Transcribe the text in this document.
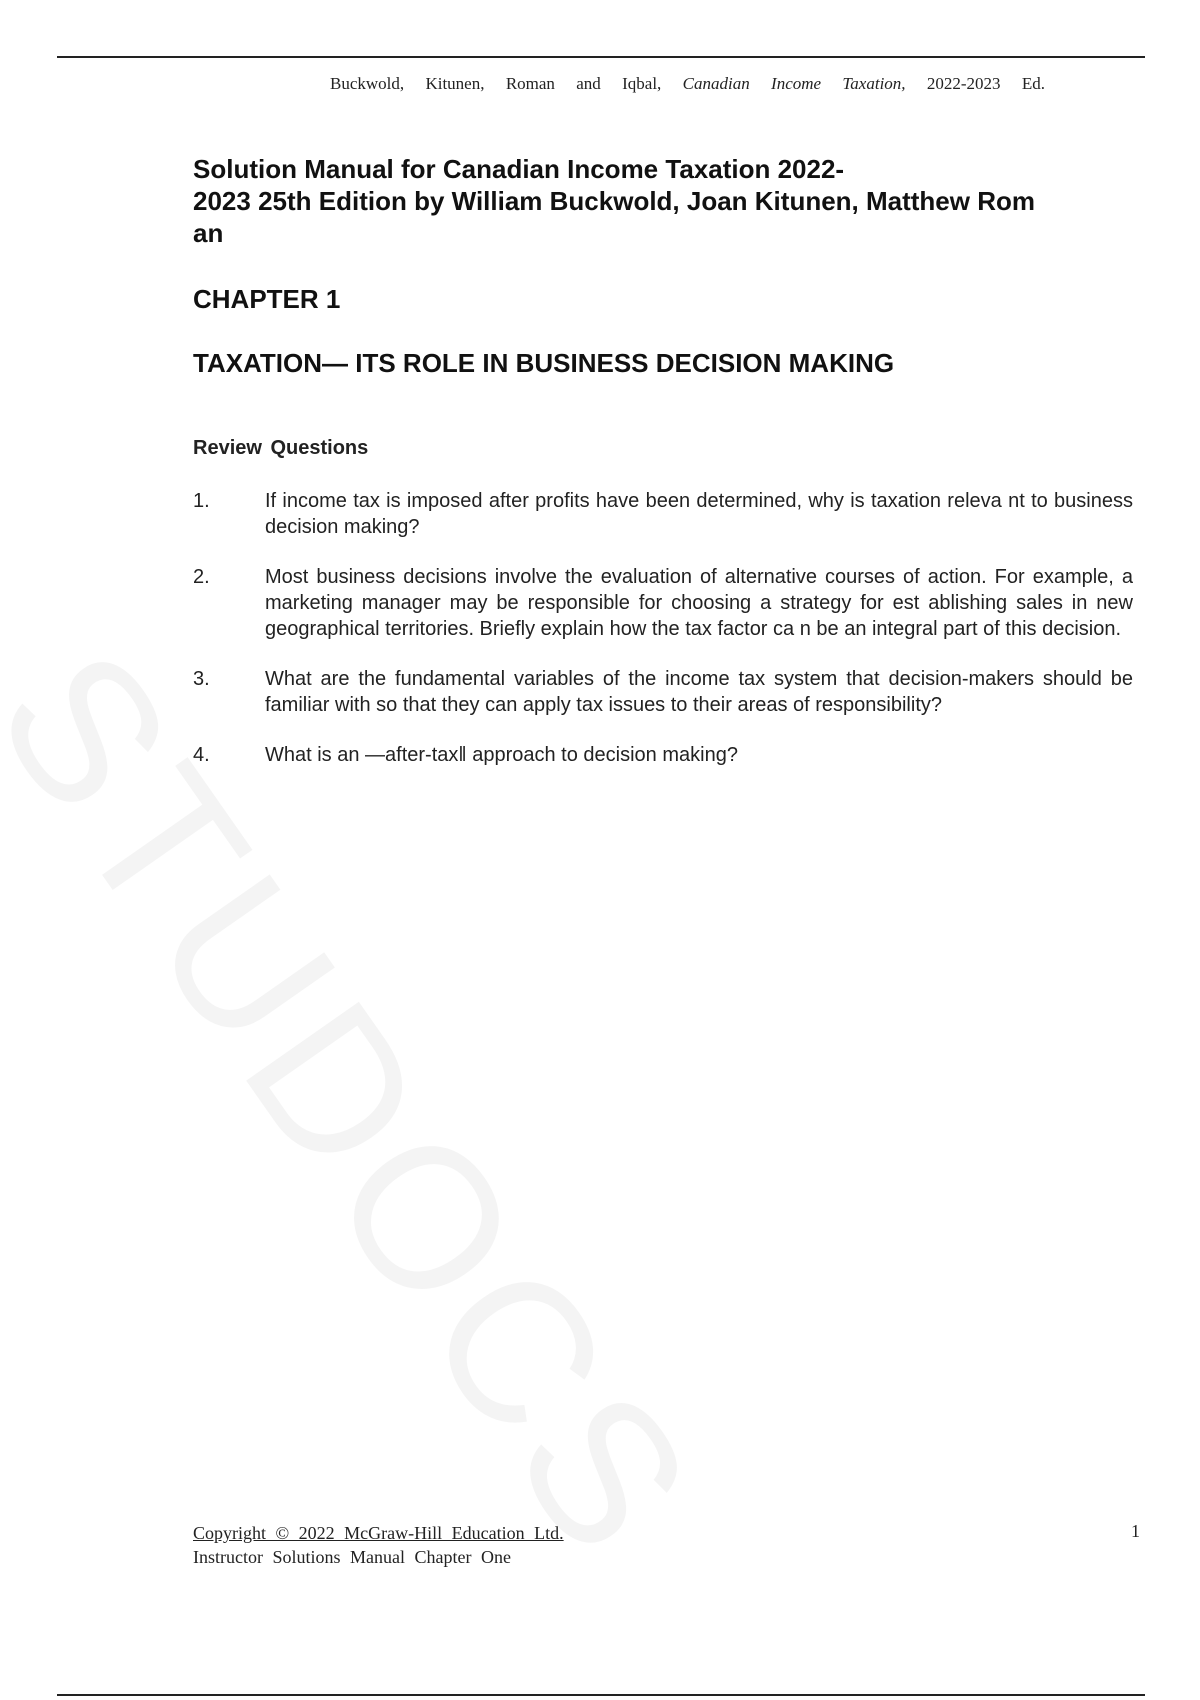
Buckwold, Kitunen, Roman and Iqbal, Canadian Income Taxation, 2022-2023 Ed.
Solution Manual for Canadian Income Taxation 2022-
2023 25th Edition by William Buckwold, Joan Kitunen, Matthew Rom
an
CHAPTER 1
TAXATION— ITS ROLE IN BUSINESS DECISION MAKING
Review Questions
1.	If income tax is imposed after profits have been determined, why is taxation releva nt to business decision making?
2.	Most business decisions involve the evaluation of alternative courses of action. For example, a marketing manager may be responsible for choosing a strategy for est ablishing sales in new geographical territories. Briefly explain how the tax factor ca n be an integral part of this decision.
3.	What are the fundamental variables of the income tax system that decision-makers should be familiar with so that they can apply tax issues to their areas of responsibility?
4.	What is an ―after-tax‖ approach to decision making?
Copyright © 2022 McGraw-Hill Education Ltd.
Instructor Solutions Manual Chapter One
1
